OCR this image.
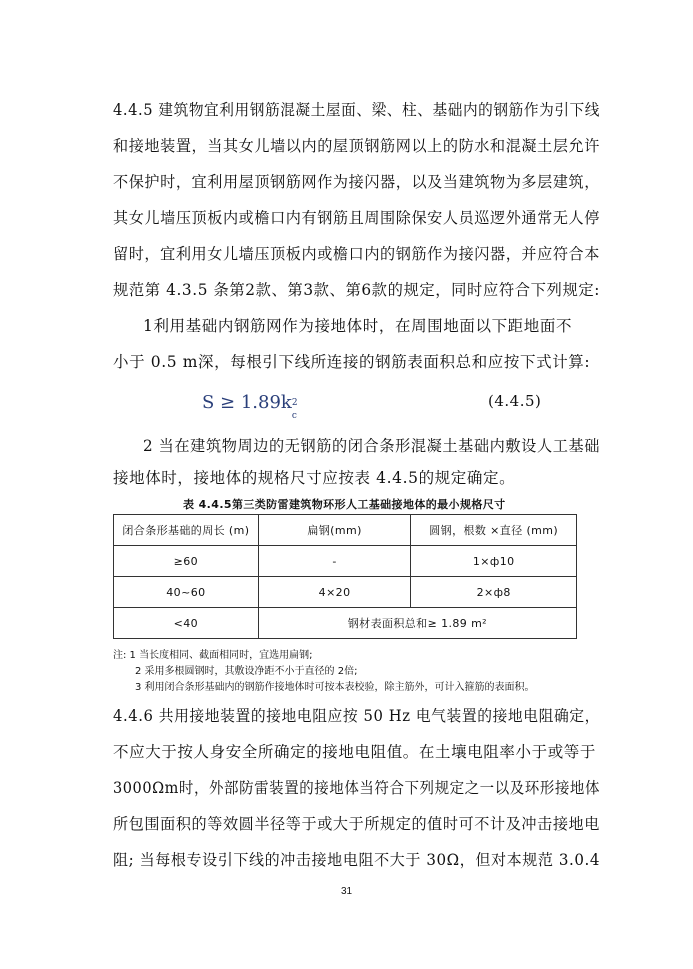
4.4.5 建筑物宜利用钢筋混凝土屋面、梁、柱、基础内的钢筋作为引下线
和接地装置，当其女儿墙以内的屋顶钢筋网以上的防水和混凝土层允许
不保护时，宜利用屋顶钢筋网作为接闪器，以及当建筑物为多层建筑，
其女儿墙压顶板内或檐口内有钢筋且周围除保安人员巡逻外通常无人停
留时，宜利用女儿墙压顶板内或檐口内的钢筋作为接闪器，并应符合本
规范第 4.3.5 条第2款、第3款、第6款的规定，同时应符合下列规定:
1利用基础内钢筋网作为接地体时，在周围地面以下距地面不
小于 0.5 m深，每根引下线所连接的钢筋表面积总和应按下式计算:
S ≥ 1.89k 2
c
(4.4.5)
2 当在建筑物周边的无钢筋的闭合条形混凝土基础内敷设人工基础
接地体时，接地体的规格尺寸应按表 4.4.5的规定确定。
表 4.4.5第三类防雷建筑物环形人工基础接地体的最小规格尺寸
闭合条形基础的周长 (m)	扁钢(mm)	圆钢，根数 ×直径 (mm)
≥60	-	1×ф10
40~60	4×20	2×ф8
<40	钢材表面积总和≥ 1.89 m²	
注: 1 当长度相同、截面相同时，宜选用扁钢;
2 采用多根圆钢时，其敷设净距不小于直径的 2倍;
3 利用闭合条形基础内的钢筋作接地体时可按本表校验，除主筋外，可计入箍筋的表面积。
4.4.6 共用接地装置的接地电阻应按 50 Hz 电气装置的接地电阻确定，
不应大于按人身安全所确定的接地电阻值。在土壤电阻率小于或等于
3000Ωm时，外部防雷装置的接地体当符合下列规定之一以及环形接地体
所包围面积的等效圆半径等于或大于所规定的值时可不计及冲击接地电
阻; 当每根专设引下线的冲击接地电阻不大于 30Ω，但对本规范 3.0.4
31
